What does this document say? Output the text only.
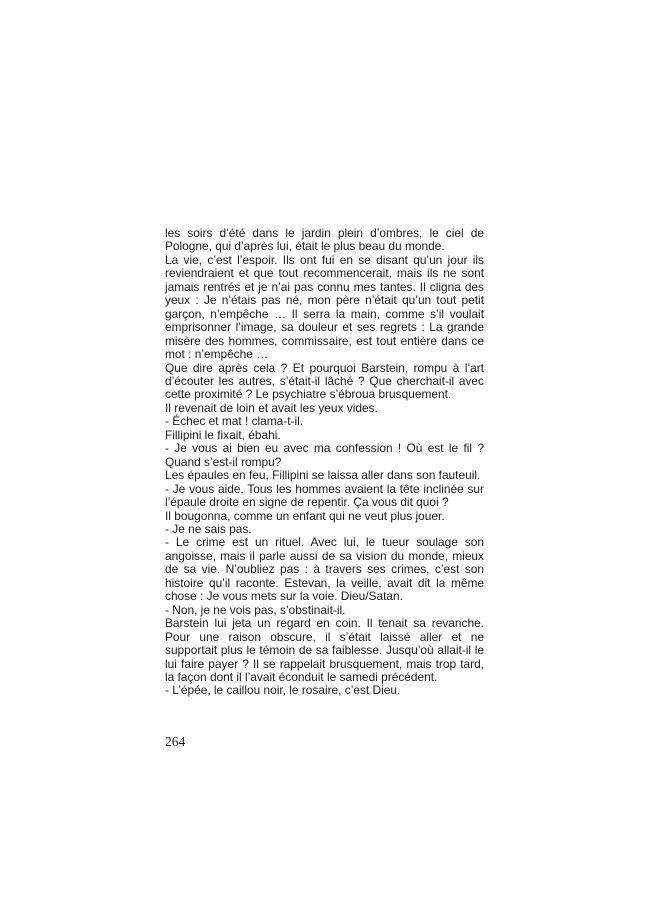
les soirs d’été dans le jardin plein d’ombres, le ciel de Pologne, qui d’après lui, était le plus beau du monde.

La vie, c’est l’espoir. Ils ont fui en se disant qu’un jour ils reviendraient et que tout recommencerait, mais ils ne sont jamais rentrés et je n’ai pas connu mes tantes. Il cligna des yeux : Je n’étais pas né, mon père n’était qu’un tout petit garçon, n’empêche … Il serra la main, comme s’il voulait emprisonner l’image, sa douleur et ses regrets : La grande misère des hommes, commissaire, est tout entière dans ce mot : n’empêche …

Que dire après cela ? Et pourquoi Barstein, rompu à l’art d’écouter les autres, s’était-il lâché ? Que cherchait-il avec cette proximité ? Le psychiatre s’ébroua brusquement.

Il revenait de loin et avait les yeux vides.

- Échec et mat ! clama-t-il.

Fillipini le fixait, ébahi.

- Je vous ai bien eu avec ma confession ! Où est le fil ? Quand s’est-il rompu?

Les épaules en feu, Fillipini se laissa aller dans son fauteuil.

- Je vous aide. Tous les hommes avaient la tête inclinée sur l’épaule droite en signe de repentir. Ça vous dit quoi ?

Il bougonna, comme un enfant qui ne veut plus jouer.

- Je ne sais pas.

- Le crime est un rituel. Avec lui, le tueur soulage son angoisse, mais il parle aussi de sa vision du monde, mieux de sa vie. N’oubliez pas : à travers ses crimes, c’est son histoire qu’il raconte. Estevan, la veille, avait dit la même chose : Je vous mets sur la voie. Dieu/Satan.

- Non, je ne vois pas, s’obstinait-il.

Barstein lui jeta un regard en coin. Il tenait sa revanche. Pour une raison obscure, il s’était laissé aller et ne supportait plus le témoin de sa faiblesse. Jusqu’où allait-il le lui faire payer ? Il se rappelait brusquement, mais trop tard, la façon dont il l’avait éconduit le samedi précédent.

- L’épée, le caillou noir, le rosaire, c’est Dieu.

264
